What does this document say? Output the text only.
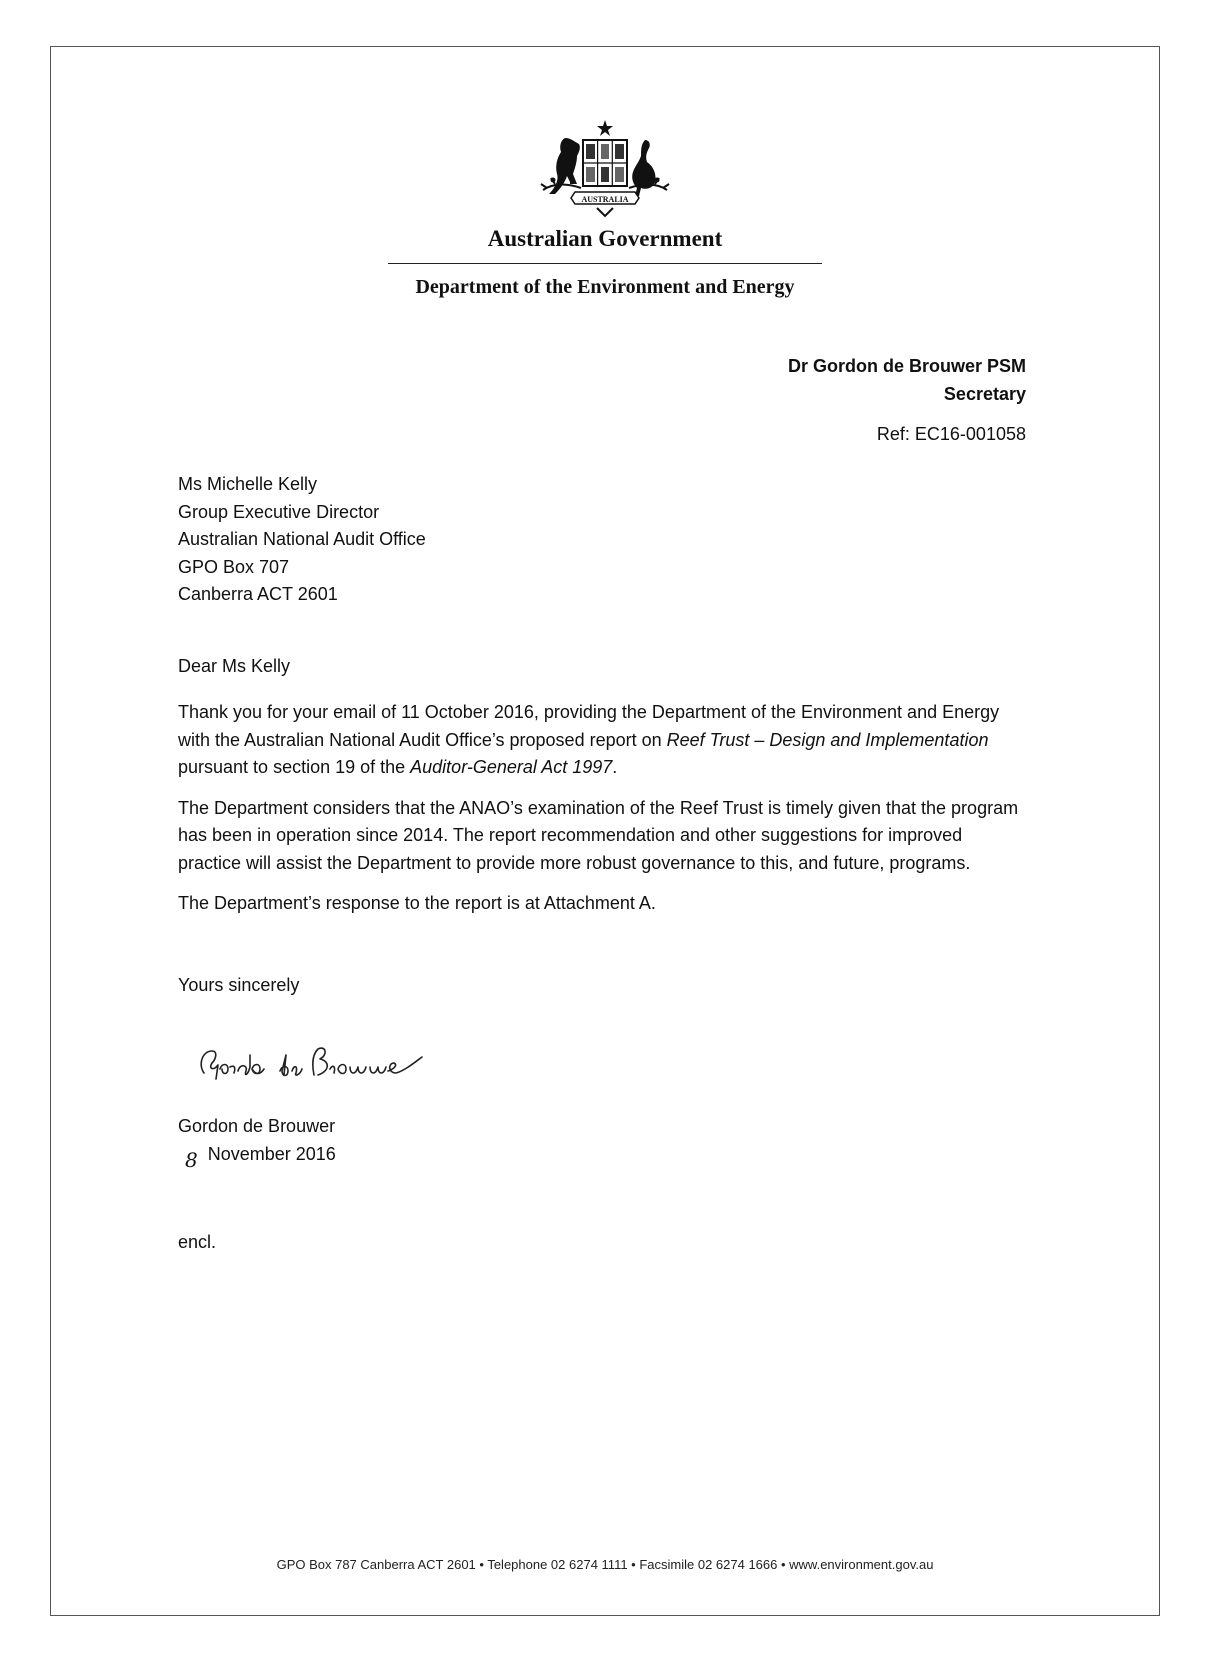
AUSTRALIA
Australian Government
Department of the Environment and Energy
Dr Gordon de Brouwer PSM
Secretary
Ref: EC16-001058
Ms Michelle Kelly
Group Executive Director
Australian National Audit Office
GPO Box 707
Canberra ACT 2601
Dear Ms Kelly

Thank you for your email of 11 October 2016, providing the Department of the Environment and Energy with the Australian National Audit Office’s proposed report on Reef Trust – Design and Implementation pursuant to section 19 of the Auditor-General Act 1997.

The Department considers that the ANAO’s examination of the Reef Trust is timely given that the program has been in operation since 2014. The report recommendation and other suggestions for improved practice will assist the Department to provide more robust governance to this, and future, programs.

The Department’s response to the report is at Attachment A.

Yours sincerely
Gordon de Brouwer
8 November 2016
encl.
GPO Box 787 Canberra ACT 2601 • Telephone 02 6274 1111 • Facsimile 02 6274 1666 • www.environment.gov.au
